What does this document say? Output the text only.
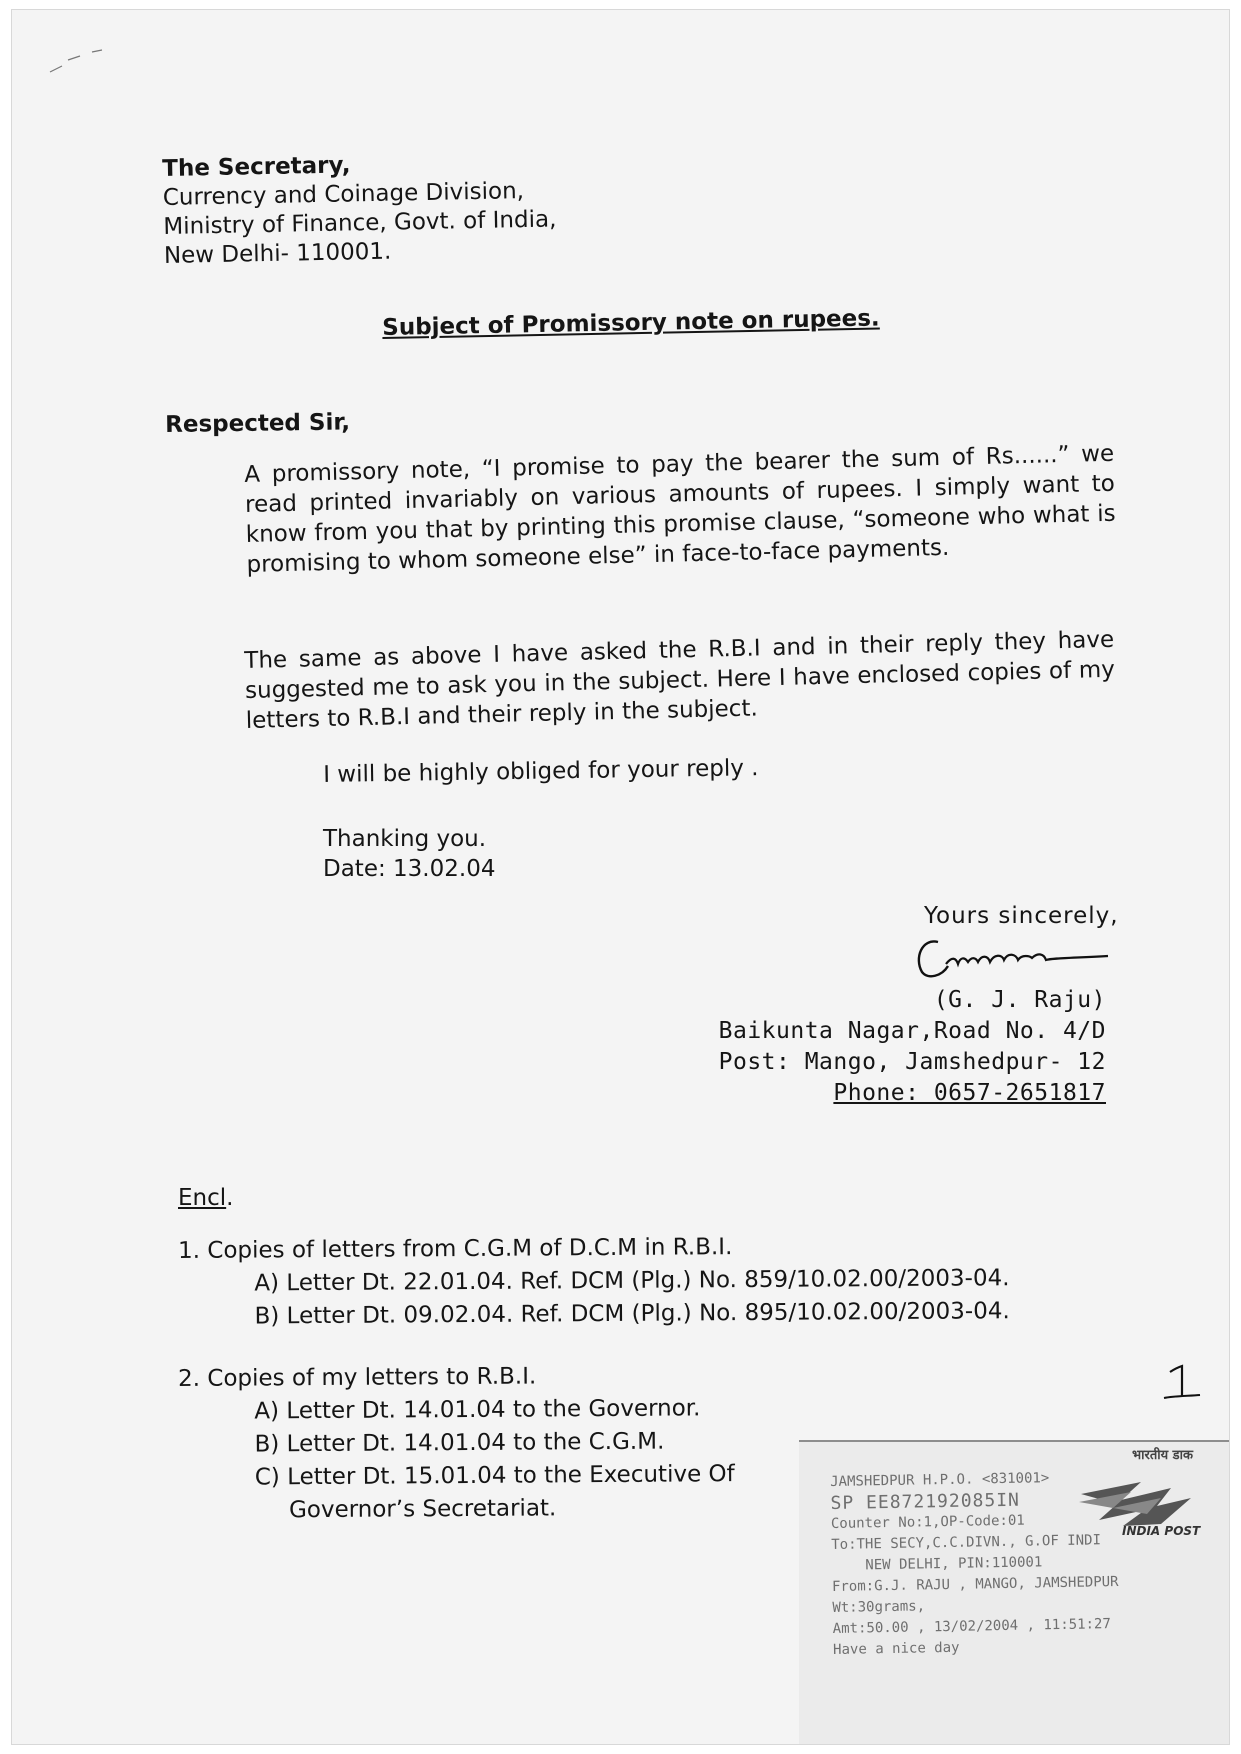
The Secretary,
Currency and Coinage Division,
Ministry of Finance, Govt. of India,
New Delhi- 110001.
Subject of Promissory note on rupees.
Respected Sir,
A promissory note, “I promise to pay the bearer the sum of Rs......” we read printed invariably on various amounts of rupees. I simply want to know from you that by printing this promise clause, “someone who what is promising to whom someone else” in face-to-face payments.
The same as above I have asked the R.B.I and in their reply they have suggested me to ask you in the subject. Here I have enclosed copies of my letters to R.B.I and their reply in the subject.
I will be highly obliged for your reply .
Thanking you.
Date: 13.02.04
Yours sincerely,
(G. J. Raju)
Baikunta Nagar,Road No. 4/D
Post: Mango, Jamshedpur- 12
Phone: 0657-2651817
Encl.
1. Copies of letters from C.G.M of D.C.M in R.B.I.
A) Letter Dt. 22.01.04. Ref. DCM (Plg.) No. 859/10.02.00/2003-04.
B) Letter Dt. 09.02.04. Ref. DCM (Plg.) No. 895/10.02.00/2003-04.
2. Copies of my letters to R.B.I.
A) Letter Dt. 14.01.04 to the Governor.
B) Letter Dt. 14.01.04 to the C.G.M.
C) Letter Dt. 15.01.04 to the Executive Of
Governor’s Secretariat.
JAMSHEDPUR H.P.O. <831001>
SP EE872192085IN
Counter No:1,OP-Code:01
To:THE SECY,C.C.DIVN., G.OF INDI
NEW DELHI, PIN:110001
From:G.J. RAJU , MANGO, JAMSHEDPUR
Wt:30grams,
Amt:50.00 , 13/02/2004 , 11:51:27
Have a nice day
भारतीय डाक
INDIA POST
